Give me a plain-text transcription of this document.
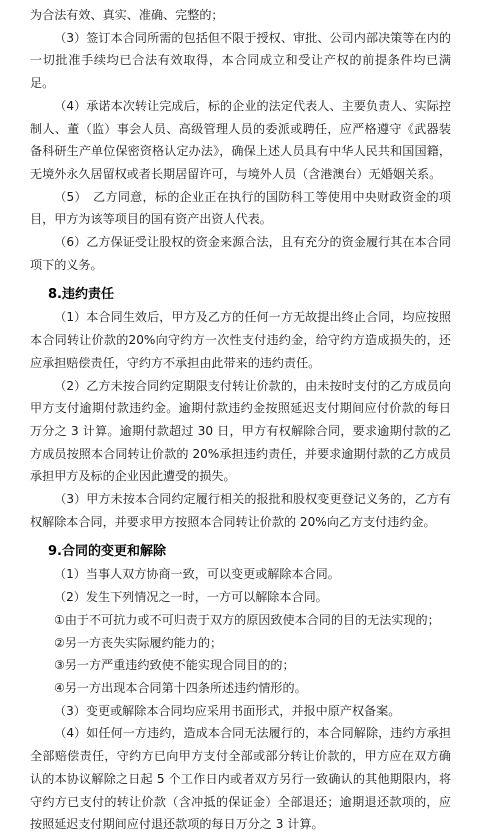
为合法有效、真实、准确、完整的；

（3）签订本合同所需的包括但不限于授权、审批、公司内部决策等在内的一切批准手续均已合法有效取得，本合同成立和受让产权的前提条件均已满足。

（4）承诺本次转让完成后，标的企业的法定代表人、主要负责人、实际控制人、董（监）事会人员、高级管理人员的委派或聘任，应严格遵守《武器装备科研生产单位保密资格认定办法》，确保上述人员具有中华人民共和国国籍，无境外永久居留权或者长期居留许可，与境外人员（含港澳台）无婚姻关系。

（5）　乙方同意，标的企业正在执行的国防科工等使用中央财政资金的项目，甲方为该等项目的国有资产出资人代表。

（6）乙方保证受让股权的资金来源合法，且有充分的资金履行其在本合同项下的义务。

8.违约责任

（1）本合同生效后，甲方及乙方的任何一方无故提出终止合同，均应按照本合同转让价款的20%向守约方一次性支付违约金，给守约方造成损失的，还应承担赔偿责任，守约方不承担由此带来的违约责任。

（2）乙方未按合同约定期限支付转让价款的，由未按时支付的乙方成员向甲方支付逾期付款违约金。逾期付款违约金按照延迟支付期间应付价款的每日万分之 3 计算。逾期付款超过 30 日，甲方有权解除合同，要求逾期付款的乙方成员按照本合同转让价款的 20%承担违约责任，并要求逾期付款的乙方成员承担甲方及标的企业因此遭受的损失。

（3）甲方未按本合同约定履行相关的报批和股权变更登记义务的，乙方有权解除本合同，并要求甲方按照本合同转让价款的 20%向乙方支付违约金。

9.合同的变更和解除

（1）当事人双方协商一致，可以变更或解除本合同。

（2）发生下列情况之一时，一方可以解除本合同。

①由于不可抗力或不可归责于双方的原因致使本合同的目的无法实现的；

②另一方丧失实际履约能力的；

③另一方严重违约致使不能实现合同目的的；

④另一方出现本合同第十四条所述违约情形的。

（3）变更或解除本合同均应采用书面形式，并报中原产权备案。

（4）如任何一方违约，造成本合同无法履行的，本合同解除，违约方承担全部赔偿责任，守约方已向甲方支付全部或部分转让价款的，甲方应在双方确认的本协议解除之日起 5 个工作日内或者双方另行一致确认的其他期限内，将守约方已支付的转让价款（含冲抵的保证金）全部退还；逾期退还款项的，应按照延迟支付期间应付退还款项的每日万分之 3 计算。
